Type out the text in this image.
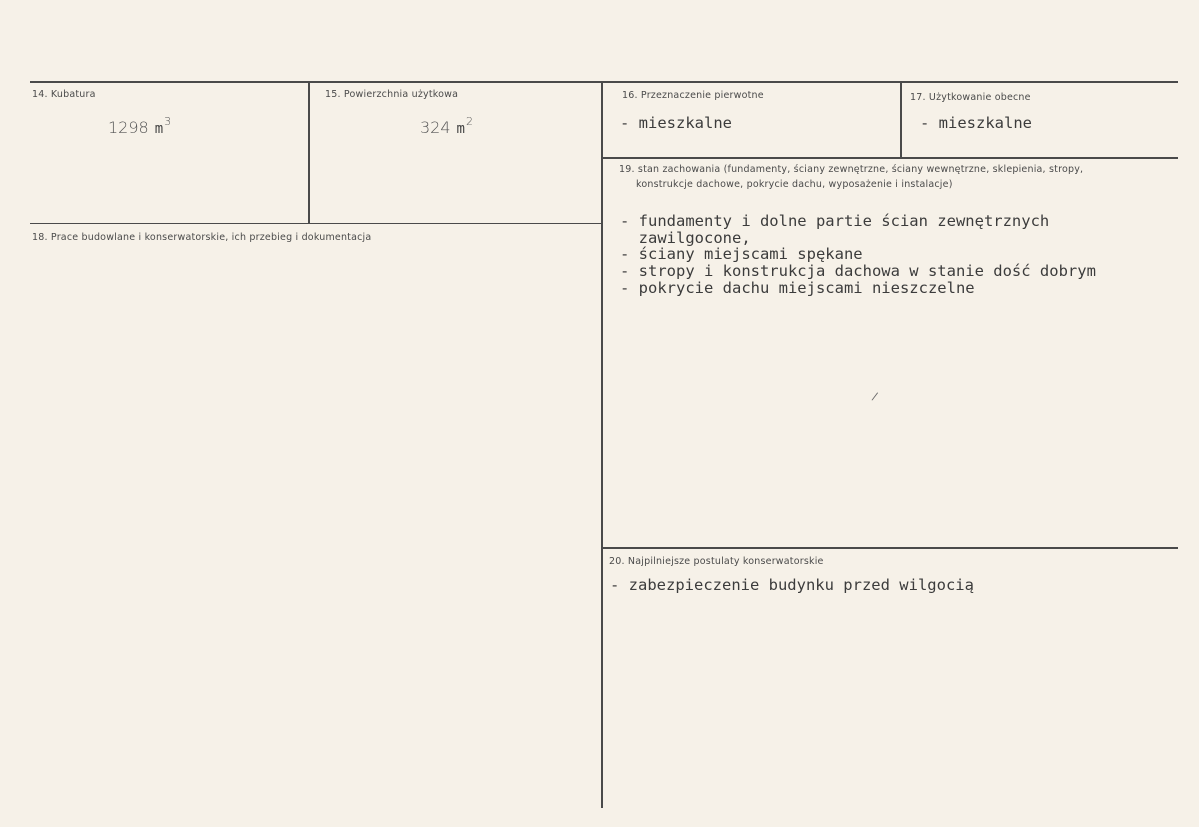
14. Kubatura
1298 $m^3$
15. Powierzchnia użytkowa
324 $m^2$
16. Przeznaczenie pierwotne
- mieszkalne
17. Użytkowanie obecne
- mieszkalne
18. Prace budowlane i konserwatorskie, ich przebieg i dokumentacja
19. stan zachowania (fundamenty, ściany zewnętrzne, ściany wewnętrzne, sklepienia, stropy,
konstrukcje dachowe, pokrycie dachu, wyposażenie i instalacje)
- fundamenty i dolne partie ścian zewnętrznych
zawilgocone,
- ściany miejscami spękane
- stropy i konstrukcja dachowa w stanie dość dobrym
- pokrycie dachu miejscami nieszczelne
/
20. Najpilniejsze postulaty konserwatorskie
- zabezpieczenie budynku przed wilgocią
